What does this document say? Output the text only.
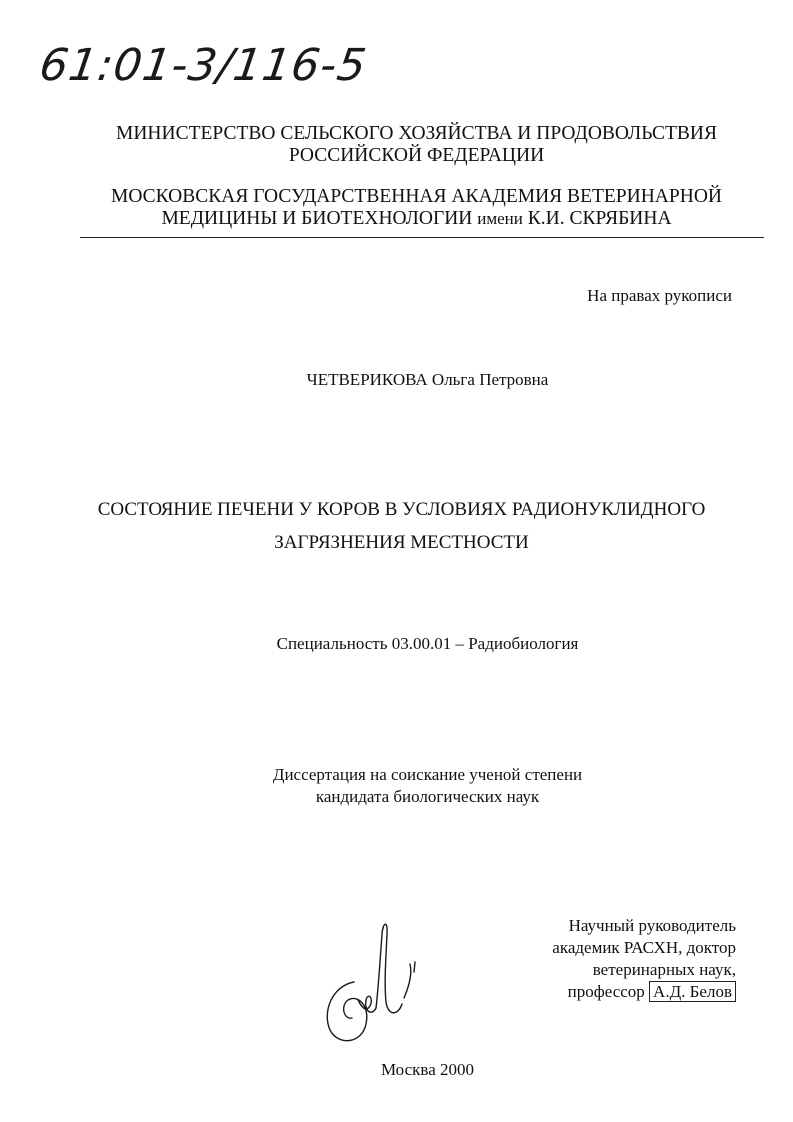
61:01-3/116-5
МИНИСТЕРСТВО СЕЛЬСКОГО ХОЗЯЙСТВА И ПРОДОВОЛЬСТВИЯ
РОССИЙСКОЙ ФЕДЕРАЦИИ
МОСКОВСКАЯ ГОСУДАРСТВЕННАЯ АКАДЕМИЯ ВЕТЕРИНАРНОЙ
МЕДИЦИНЫ И БИОТЕХНОЛОГИИ имени К.И. СКРЯБИНА
На правах рукописи
ЧЕТВЕРИКОВА Ольга Петровна
СОСТОЯНИЕ ПЕЧЕНИ У КОРОВ В УСЛОВИЯХ РАДИОНУКЛИДНОГО
ЗАГРЯЗНЕНИЯ МЕСТНОСТИ
Специальность 03.00.01 – Радиобиология
Диссертация на соискание ученой степени
кандидата биологических наук
Научный руководитель
академик РАСХН, доктор
ветеринарных наук,
профессор А.Д. Белов
Москва 2000
